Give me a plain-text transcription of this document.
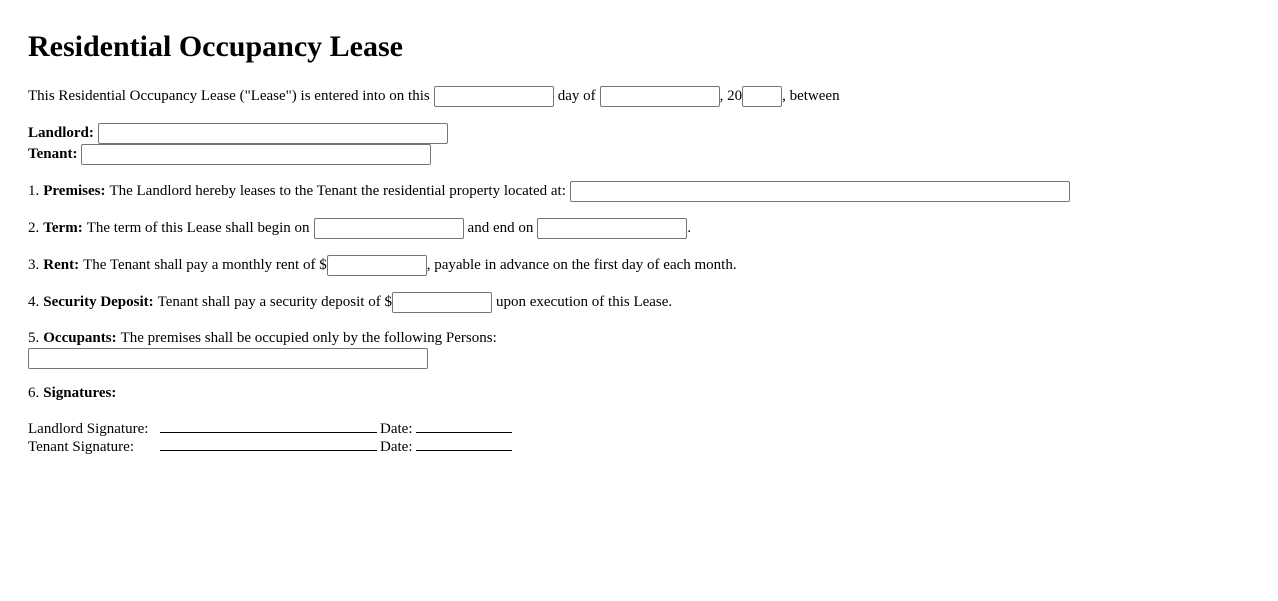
Residential Occupancy Lease
This Residential Occupancy Lease ("Lease") is entered into on this	day of	, 20	, between
Landlord:
Tenant:
1. Premises: The Landlord hereby leases to the Tenant the residential property located at:
2. Term: The term of this Lease shall begin on	and end on	.
3. Rent: The Tenant shall pay a monthly rent of $	, payable in advance on the first day of each month.
4. Security Deposit: Tenant shall pay a security deposit of $	upon execution of this Lease.
5. Occupants: The premises shall be occupied only by the following Persons:
6. Signatures:
Landlord Signature:	Date:
Tenant Signature:	Date:
